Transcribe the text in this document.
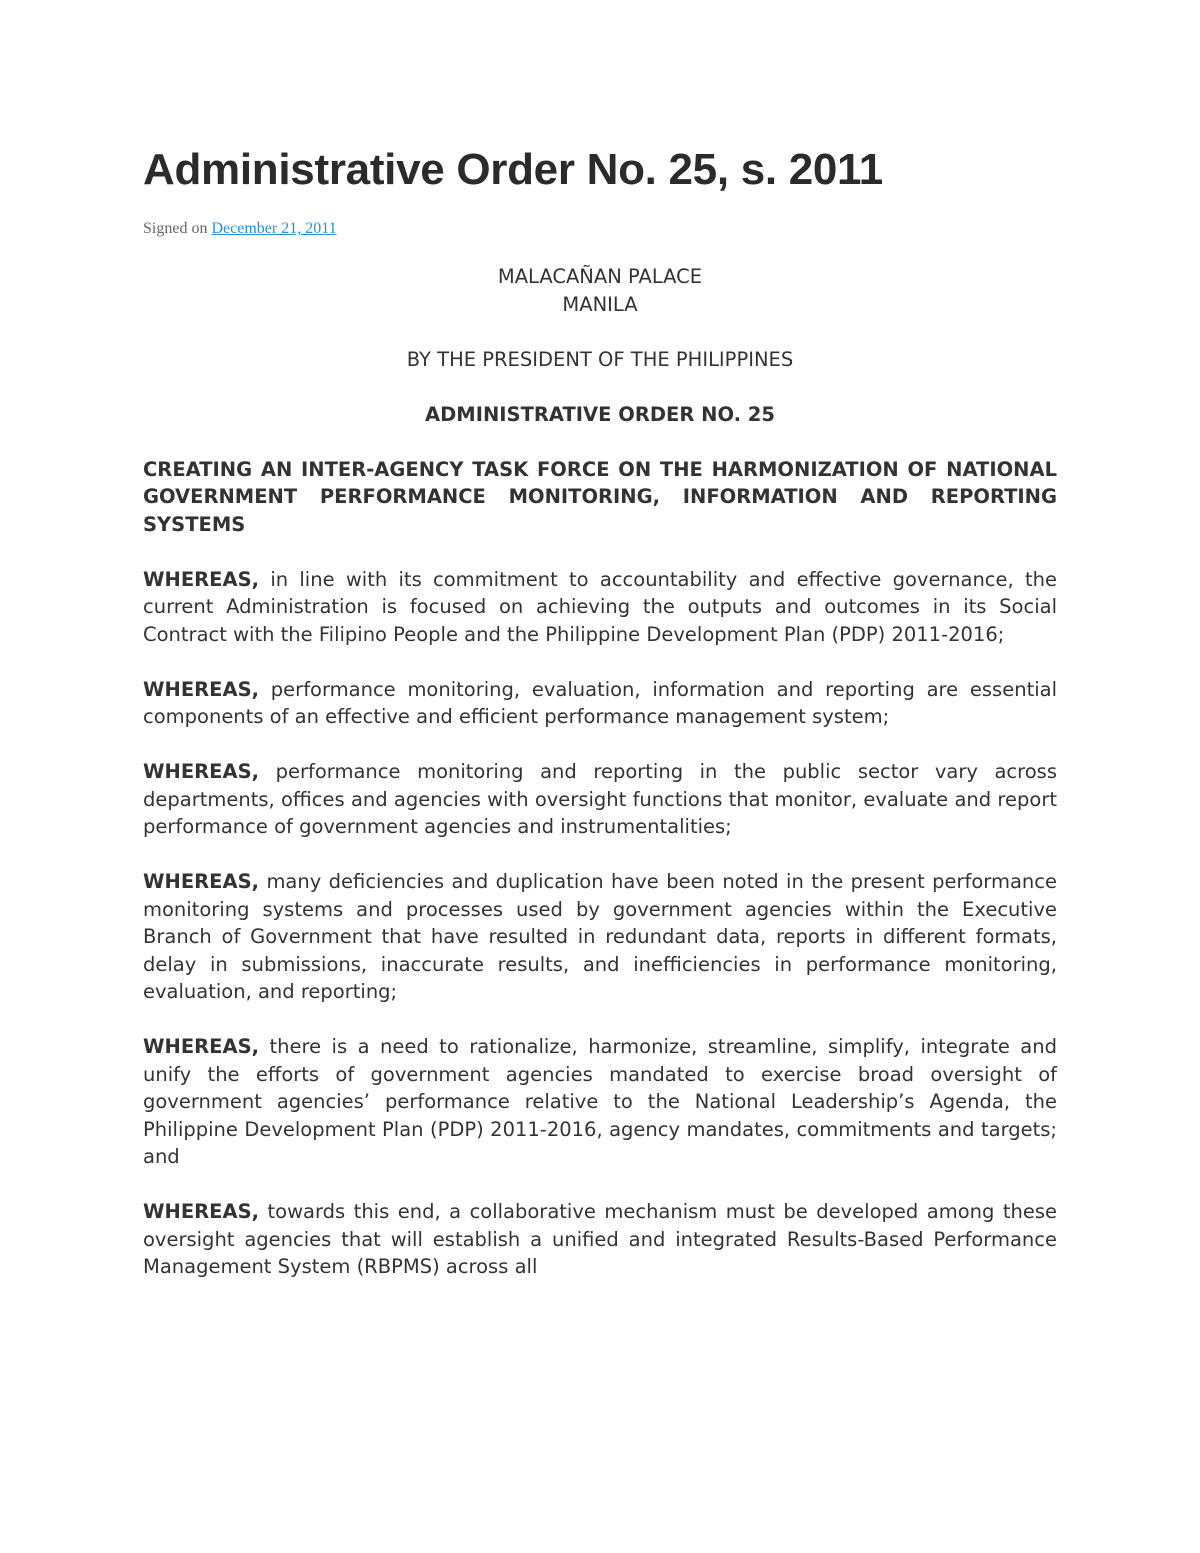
Administrative Order No. 25, s. 2011
Signed on December 21, 2011
MALACAÑAN PALACE
MANILA
BY THE PRESIDENT OF THE PHILIPPINES
ADMINISTRATIVE ORDER NO. 25

CREATING AN INTER-AGENCY TASK FORCE ON THE HARMONIZATION OF NATIONAL GOVERNMENT PERFORMANCE MONITORING, INFORMATION AND REPORTING SYSTEMS

WHEREAS, in line with its commitment to accountability and effective governance, the current Administration is focused on achieving the outputs and outcomes in its Social Contract with the Filipino People and the Philippine Development Plan (PDP) 2011-2016;

WHEREAS, performance monitoring, evaluation, information and reporting are essential components of an effective and efficient performance management system;

WHEREAS, performance monitoring and reporting in the public sector vary across departments, offices and agencies with oversight functions that monitor, evaluate and report performance of government agencies and instrumentalities;

WHEREAS, many deficiencies and duplication have been noted in the present performance monitoring systems and processes used by government agencies within the Executive Branch of Government that have resulted in redundant data, reports in different formats, delay in submissions, inaccurate results, and inefficiencies in performance monitoring, evaluation, and reporting;

WHEREAS, there is a need to rationalize, harmonize, streamline, simplify, integrate and unify the efforts of government agencies mandated to exercise broad oversight of government agencies’ performance relative to the National Leadership’s Agenda, the Philippine Development Plan (PDP) 2011-2016, agency mandates, commitments and targets; and

WHEREAS, towards this end, a collaborative mechanism must be developed among these oversight agencies that will establish a unified and integrated Results-Based Performance Management System (RBPMS) across all
